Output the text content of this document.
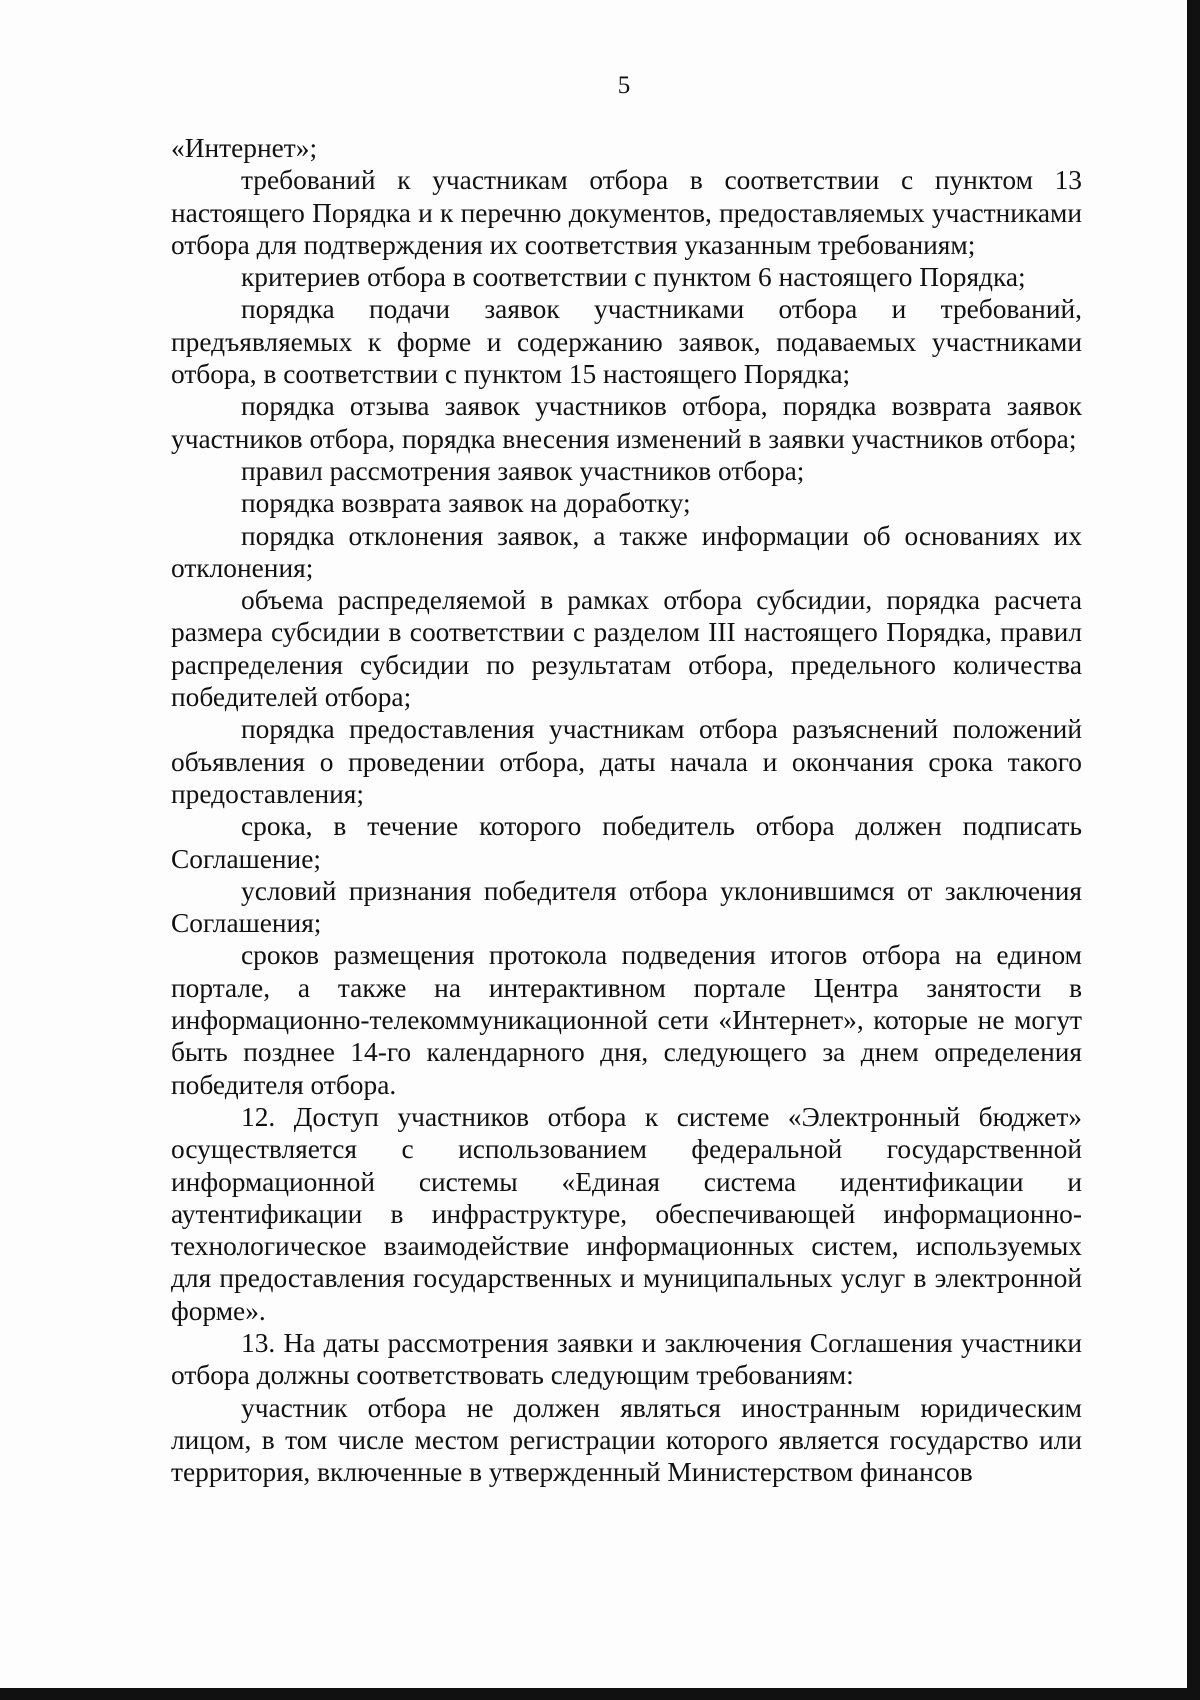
5

«Интернет»;

требований к участникам отбора в соответствии с пунктом 13 настоящего Порядка и к перечню документов, предоставляемых участниками отбора для подтверждения их соответствия указанным требованиям;

критериев отбора в соответствии с пунктом 6 настоящего Порядка;

порядка подачи заявок участниками отбора и требований, предъявляемых к форме и содержанию заявок, подаваемых участниками отбора, в соответствии с пунктом 15 настоящего Порядка;

порядка отзыва заявок участников отбора, порядка возврата заявок участников отбора, порядка внесения изменений в заявки участников отбора;

правил рассмотрения заявок участников отбора;

порядка возврата заявок на доработку;

порядка отклонения заявок, а также информации об основаниях их отклонения;

объема распределяемой в рамках отбора субсидии, порядка расчета размера субсидии в соответствии с разделом III настоящего Порядка, правил распределения субсидии по результатам отбора, предельного количества победителей отбора;

порядка предоставления участникам отбора разъяснений положений объявления о проведении отбора, даты начала и окончания срока такого предоставления;

срока, в течение которого победитель отбора должен подписать Соглашение;

условий признания победителя отбора уклонившимся от заключения Соглашения;

сроков размещения протокола подведения итогов отбора на едином портале, а также на интерактивном портале Центра занятости в информационно-телекоммуникационной сети «Интернет», которые не могут быть позднее 14-го календарного дня, следующего за днем определения победителя отбора.

12. Доступ участников отбора к системе «Электронный бюджет» осуществляется с использованием федеральной государственной информационной системы «Единая система идентификации и аутентификации в инфраструктуре, обеспечивающей информационно-технологическое взаимодействие информационных систем, используемых для предоставления государственных и муниципальных услуг в электронной форме».

13. На даты рассмотрения заявки и заключения Соглашения участники отбора должны соответствовать следующим требованиям:

участник отбора не должен являться иностранным юридическим лицом, в том числе местом регистрации которого является государство или территория, включенные в утвержденный Министерством финансов
